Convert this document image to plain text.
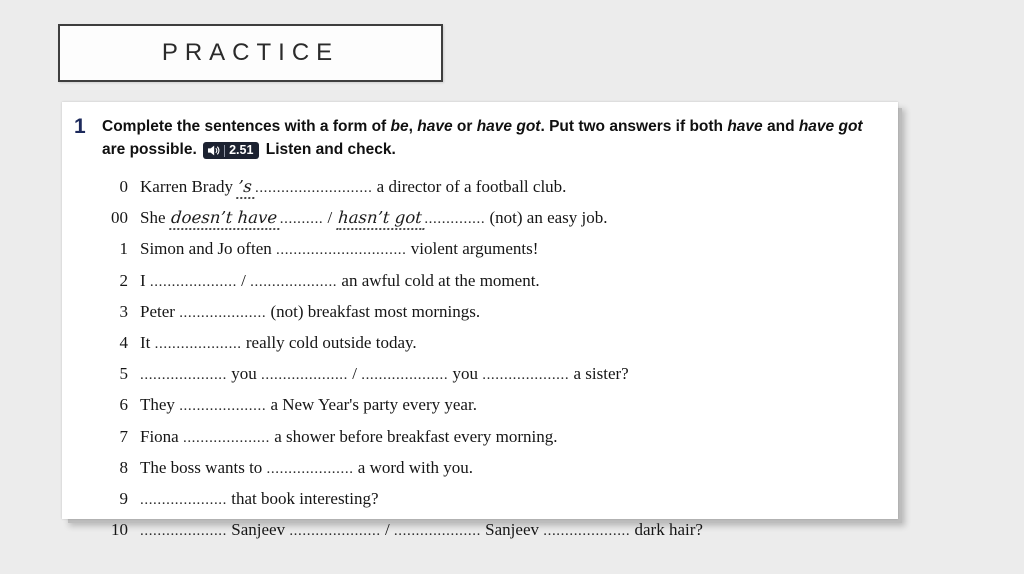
PRACTICE
1	Complete the sentences with a form of be, have or have got. Put two answers if both have and have got are possible. 2.51 Listen and check.
0 Karren Brady ’s ........................... a director of a football club.
00 She doesn’t have .......... / hasn’t got .............. (not) an easy job.
1 Simon and Jo often .............................. violent arguments!
2 I .................... / .................... an awful cold at the moment.
3 Peter .................... (not) breakfast most mornings.
4 It .................... really cold outside today.
5 .................... you .................... / .................... you .................... a sister?
6 They .................... a New Year's party every year.
7 Fiona .................... a shower before breakfast every morning.
8 The boss wants to .................... a word with you.
9 .................... that book interesting?
10 .................... Sanjeev ..................... / .................... Sanjeev .................... dark hair?
